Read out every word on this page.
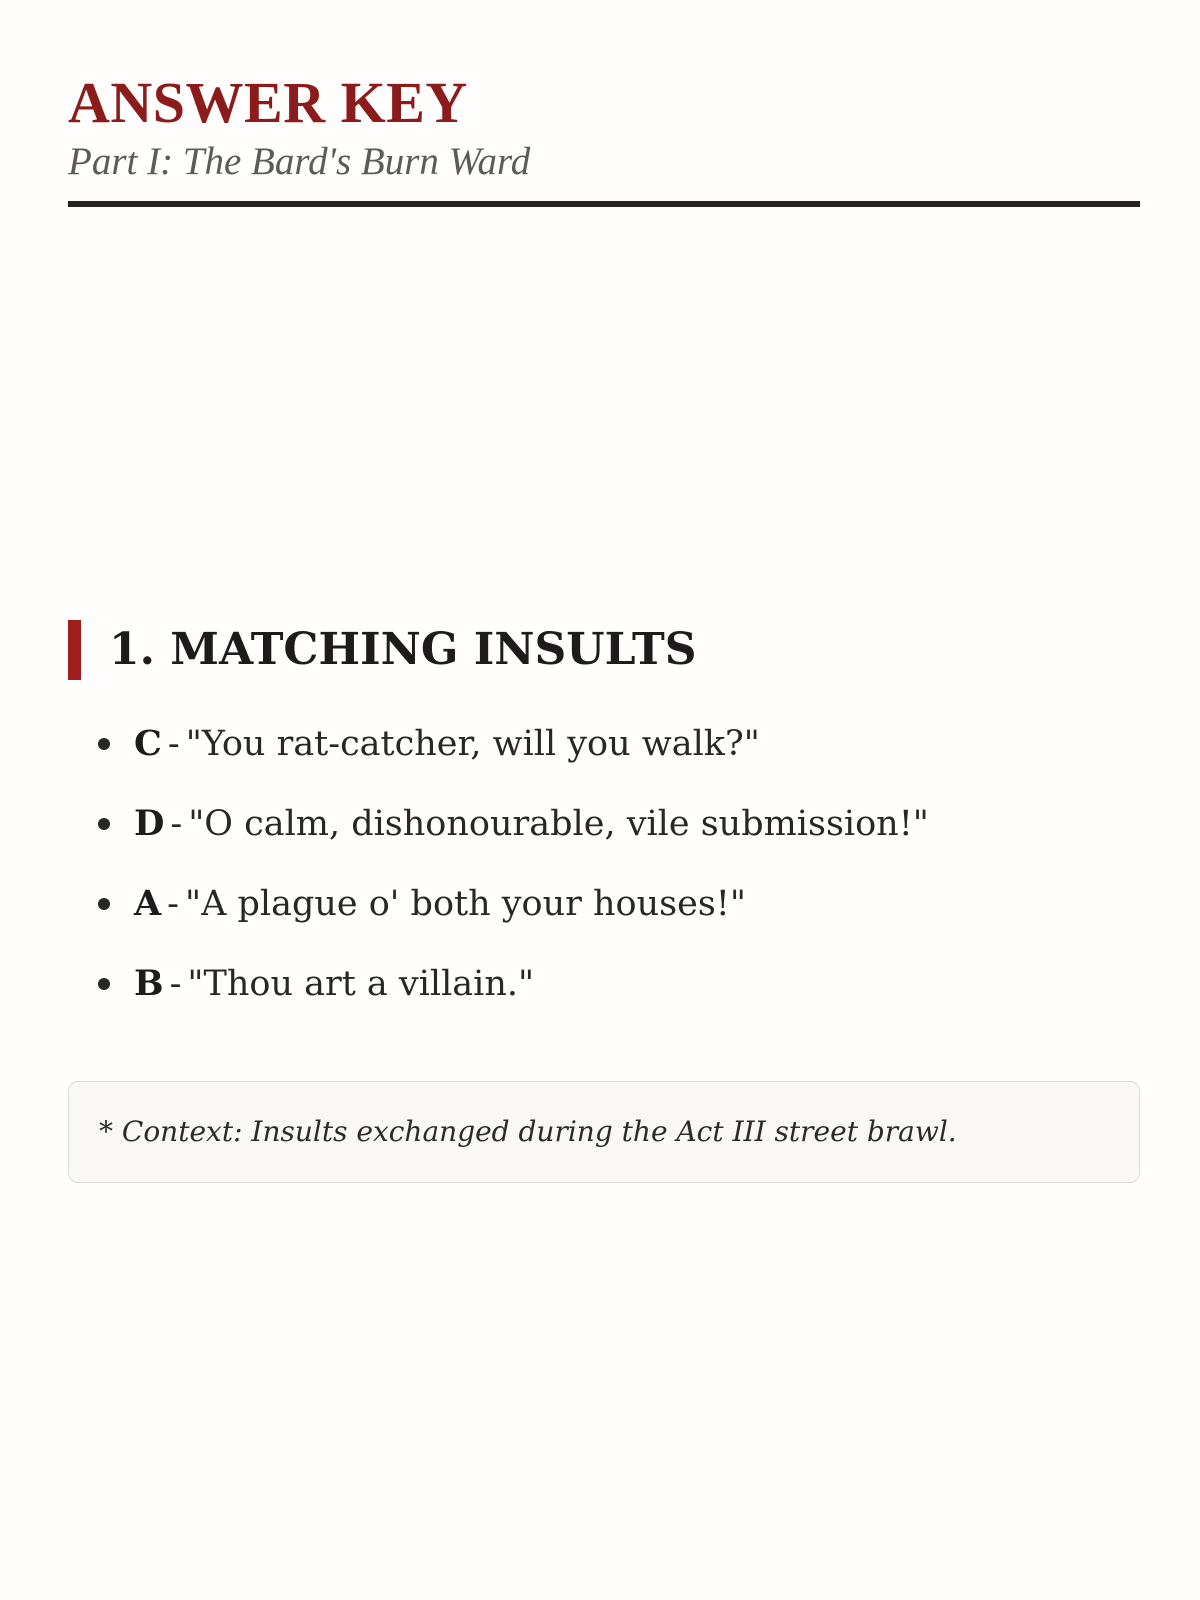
ANSWER KEY
Part I: The Bard's Burn Ward
1. MATCHING INSULTS
C - "You rat-catcher, will you walk?"
D - "O calm, dishonourable, vile submission!"
A - "A plague o' both your houses!"
B - "Thou art a villain."

* Context: Insults exchanged during the Act III street brawl.
